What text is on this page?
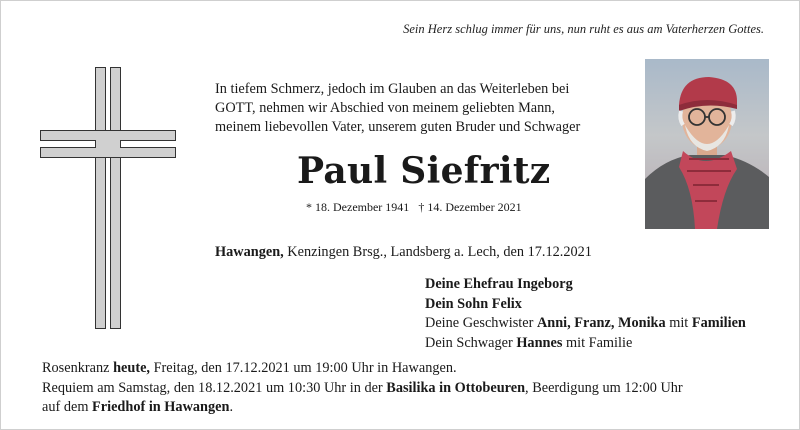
Sein Herz schlug immer für uns, nun ruht es aus am Vaterherzen Gottes.
In tiefem Schmerz, jedoch im Glauben an das Weiterleben bei
GOTT, nehmen wir Abschied von meinem geliebten Mann,
meinem liebevollen Vater, unserem guten Bruder und Schwager
Paul Siefritz
* 18. Dezember 1941 † 14. Dezember 2021
Hawangen, Kenzingen Brsg., Landsberg a. Lech, den 17.12.2021
Deine Ehefrau Ingeborg
Dein Sohn Felix
Deine Geschwister Anni, Franz, Monika mit Familien
Dein Schwager Hannes mit Familie
Rosenkranz heute, Freitag, den 17.12.2021 um 19:00 Uhr in Hawangen.
Requiem am Samstag, den 18.12.2021 um 10:30 Uhr in der Basilika in Ottobeuren, Beerdigung um 12:00 Uhr
auf dem Friedhof in Hawangen.
